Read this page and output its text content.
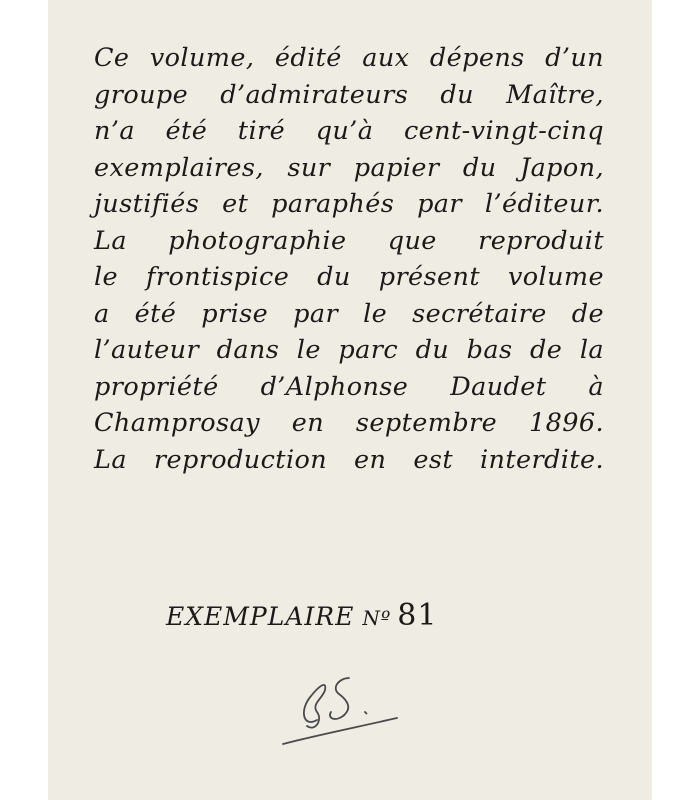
Ce volume, édité aux dépens d’un
groupe d’admirateurs du Maître,
n’a été tiré qu’à cent-vingt-cinq
exemplaires, sur papier du Japon,
justifiés et paraphés par l’éditeur.
La photographie que reproduit
le frontispice du présent volume
a été prise par le secrétaire de
l’auteur dans le parc du bas de la
propriété d’Alphonse Daudet à
Champrosay en septembre 1896.
La reproduction en est interdite.

EXEMPLAIRE Nº 81
